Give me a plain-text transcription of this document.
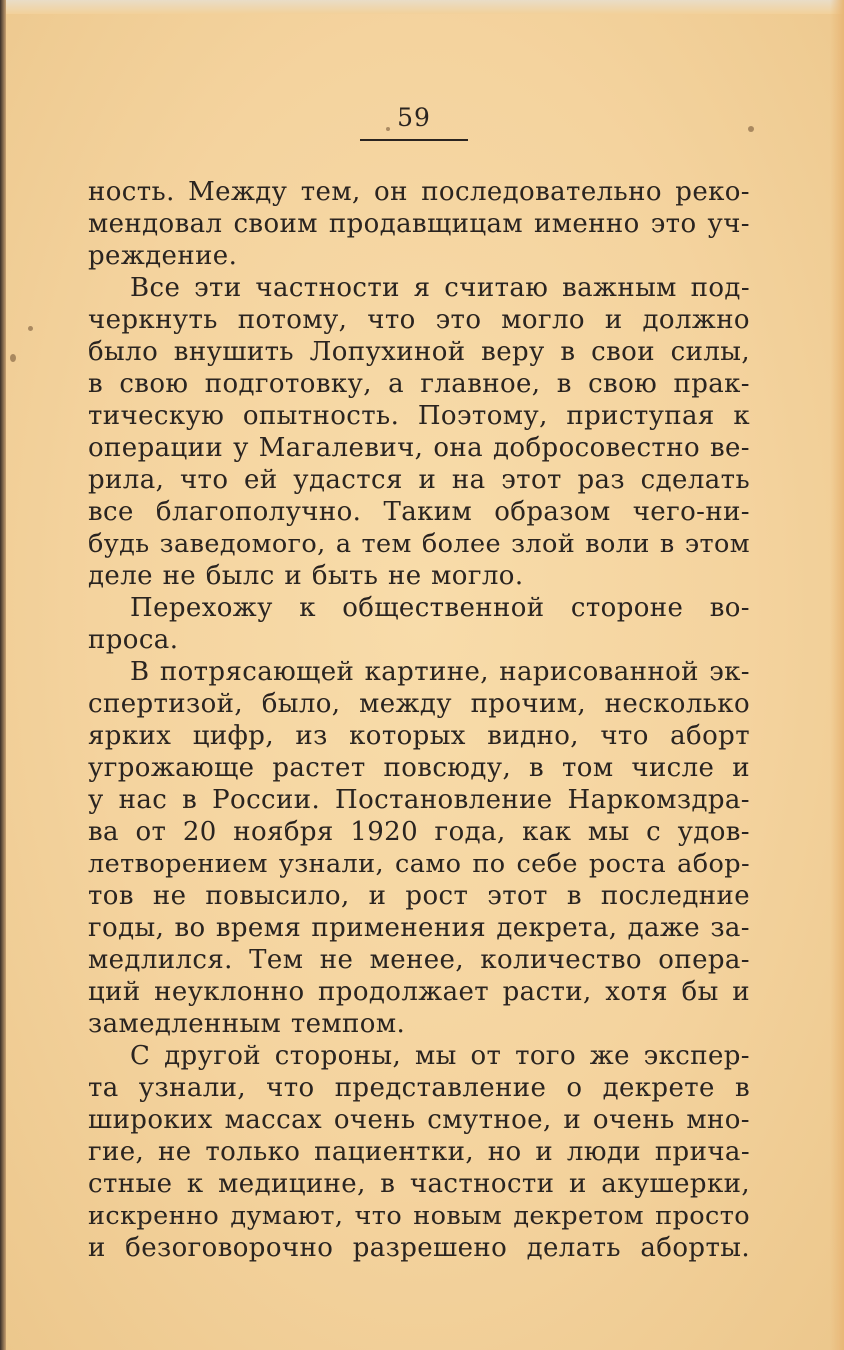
59
ность. Между тем, он последовательно реко-
мендовал своим продавщицам именно это уч-
реждение.
Все эти частности я считаю важным под-
черкнуть потому, что это могло и должно
было внушить Лопухиной веру в свои силы,
в свою подготовку, а главное, в свою прак-
тическую опытность. Поэтому, приступая к
операции у Магалевич, она добросовестно ве-
рила, что ей удастся и на этот раз сделать
все благополучно. Таким образом чего-ни-
будь заведомого, а тем более злой воли в этом
деле не былс и быть не могло.
Перехожу к общественной стороне во-
проса.
В потрясающей картине, нарисованной эк-
спертизой, было, между прочим, несколько
ярких цифр, из которых видно, что аборт
угрожающе растет повсюду, в том числе и
у нас в России. Постановление Наркомздра-
ва от 20 ноября 1920 года, как мы с удов-
летворением узнали, само по себе роста абор-
тов не повысило, и рост этот в последние
годы, во время применения декрета, даже за-
медлился. Тем не менее, количество опера-
ций неуклонно продолжает расти, хотя бы и
замедленным темпом.
С другой стороны, мы от того же экспер-
та узнали, что представление о декрете в
широких массах очень смутное, и очень мно-
гие, не только пациентки, но и люди прича-
стные к медицине, в частности и акушерки,
искренно думают, что новым декретом просто
и безоговорочно разрешено делать аборты.
